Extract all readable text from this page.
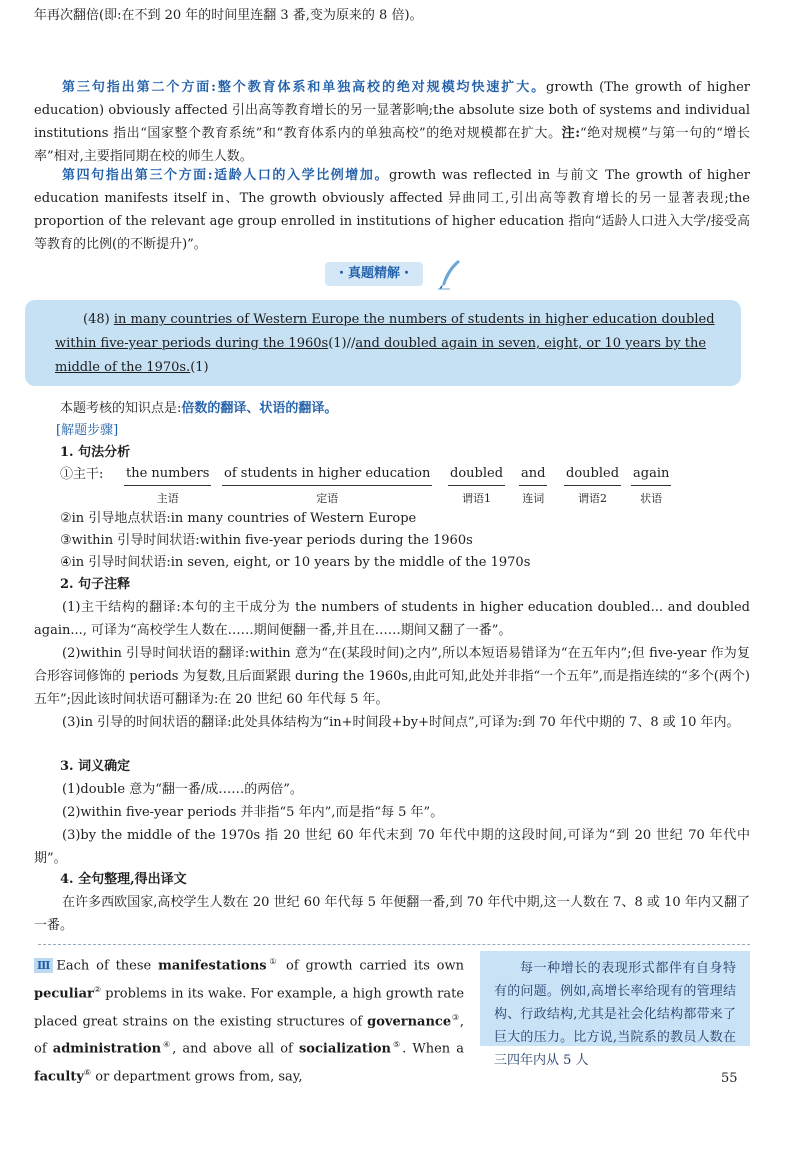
年再次翻倍(即:在不到 20 年的时间里连翻 3 番,变为原来的 8 倍)。

第三句指出第二个方面:整个教育体系和单独高校的绝对规模均快速扩大。growth (The growth of higher education) obviously affected 引出高等教育增长的另一显著影响;the absolute size both of systems and individual institutions 指出“国家整个教育系统”和“教育体系内的单独高校”的绝对规模都在扩大。注:“绝对规模”与第一句的“增长率”相对,主要指同期在校的师生人数。

第四句指出第三个方面:适龄人口的入学比例增加。growth was reflected in 与前文 The growth of higher education manifests itself in、The growth obviously affected 异曲同工,引出高等教育增长的另一显著表现;the proportion of the relevant age group enrolled in institutions of higher education 指向“适龄人口进入大学/接受高等教育的比例(的不断提升)”。

・真题精解・

(48) in many countries of Western Europe the numbers of students in higher education doubled within five-year periods during the 1960s(1)//and doubled again in seven, eight, or 10 years by the middle of the 1970s.(1)

本题考核的知识点是:倍数的翻译、状语的翻译。

[解题步骤]

1. 句法分析

①主干: the numbers
主语
of students in higher education
定语
doubled
谓语1
and
连词
doubled
谓语2
again
状语

②in 引导地点状语:in many countries of Western Europe

③within 引导时间状语:within five-year periods during the 1960s

④in 引导时间状语:in seven, eight, or 10 years by the middle of the 1970s

2. 句子注释

(1)主干结构的翻译:本句的主干成分为 the numbers of students in higher education doubled... and doubled again..., 可译为“高校学生人数在……期间便翻一番,并且在……期间又翻了一番”。

(2)within 引导时间状语的翻译:within 意为“在(某段时间)之内”,所以本短语易错译为“在五年内”;但 five-year 作为复合形容词修饰的 periods 为复数,且后面紧跟 during the 1960s,由此可知,此处并非指“一个五年”,而是指连续的“多个(两个)五年”;因此该时间状语可翻译为:在 20 世纪 60 年代每 5 年。

(3)in 引导的时间状语的翻译:此处具体结构为“in+时间段+by+时间点”,可译为:到 70 年代中期的 7、8 或 10 年内。

3. 词义确定

(1)double 意为“翻一番/成……的两倍”。

(2)within five-year periods 并非指“5 年内”,而是指“每 5 年”。

(3)by the middle of the 1970s 指 20 世纪 60 年代末到 70 年代中期的这段时间,可译为“到 20 世纪 70 年代中期”。

4. 全句整理,得出译文

在许多西欧国家,高校学生人数在 20 世纪 60 年代每 5 年便翻一番,到 70 年代中期,这一人数在 7、8 或 10 年内又翻了一番。

Ⅲ Each of these manifestations① of growth carried its own peculiar② problems in its wake. For example, a high growth rate placed great strains on the existing structures of governance③, of administration④, and above all of socialization⑤. When a faculty⑥ or department grows from, say,

每一种增长的表现形式都伴有自身特有的问题。例如,高增长率给现有的管理结构、行政结构,尤其是社会化结构都带来了巨大的压力。比方说,当院系的教员人数在三四年内从 5 人

55
